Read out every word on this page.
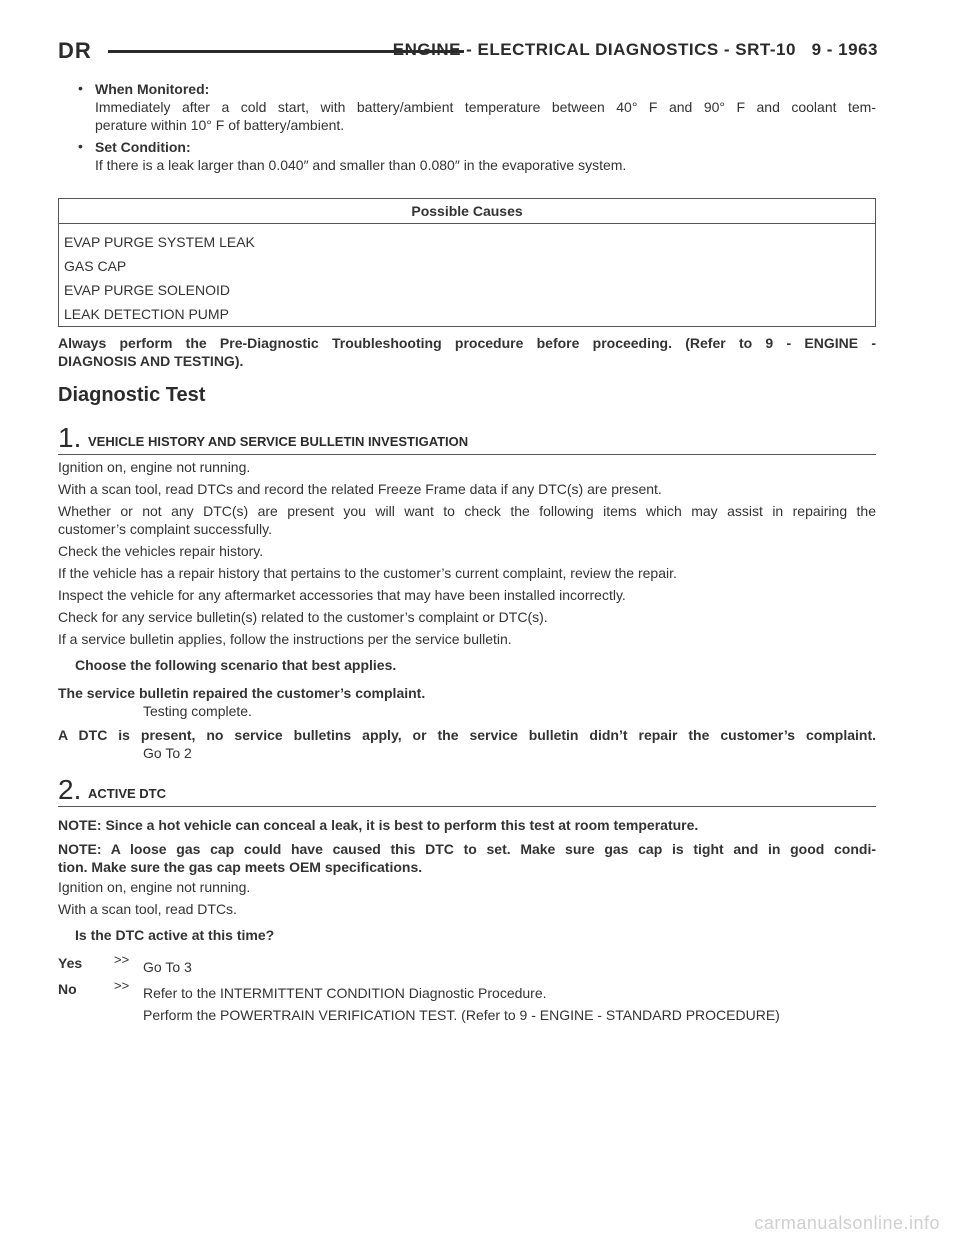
DR	ENGINE - ELECTRICAL DIAGNOSTICS - SRT-10 9 - 1963
• When Monitored:
Immediately after a cold start, with battery/ambient temperature between 40° F and 90° F and coolant tem-
perature within 10° F of battery/ambient.
• Set Condition:
If there is a leak larger than 0.040″ and smaller than 0.080″ in the evaporative system.
Possible Causes
EVAP PURGE SYSTEM LEAK
GAS CAP
EVAP PURGE SOLENOID
LEAK DETECTION PUMP
Always perform the Pre-Diagnostic Troubleshooting procedure before proceeding. (Refer to 9 - ENGINE -
DIAGNOSIS AND TESTING).
Diagnostic Test
1. VEHICLE HISTORY AND SERVICE BULLETIN INVESTIGATION
Ignition on, engine not running.
With a scan tool, read DTCs and record the related Freeze Frame data if any DTC(s) are present.
Whether or not any DTC(s) are present you will want to check the following items which may assist in repairing the
customer’s complaint successfully.
Check the vehicles repair history.
If the vehicle has a repair history that pertains to the customer’s current complaint, review the repair.
Inspect the vehicle for any aftermarket accessories that may have been installed incorrectly.
Check for any service bulletin(s) related to the customer’s complaint or DTC(s).
If a service bulletin applies, follow the instructions per the service bulletin.
Choose the following scenario that best applies.
The service bulletin repaired the customer’s complaint.
Testing complete.
A DTC is present, no service bulletins apply, or the service bulletin didn’t repair the customer’s complaint.
Go To 2
2. ACTIVE DTC
NOTE: Since a hot vehicle can conceal a leak, it is best to perform this test at room temperature.
NOTE: A loose gas cap could have caused this DTC to set. Make sure gas cap is tight and in good condi-
tion. Make sure the gas cap meets OEM specifications.
Ignition on, engine not running.
With a scan tool, read DTCs.
Is the DTC active at this time?
Yes >> Go To 3
No	>> Refer to the INTERMITTENT CONDITION Diagnostic Procedure.
Perform the POWERTRAIN VERIFICATION TEST. (Refer to 9 - ENGINE - STANDARD PROCEDURE)
carmanualsonline.info
